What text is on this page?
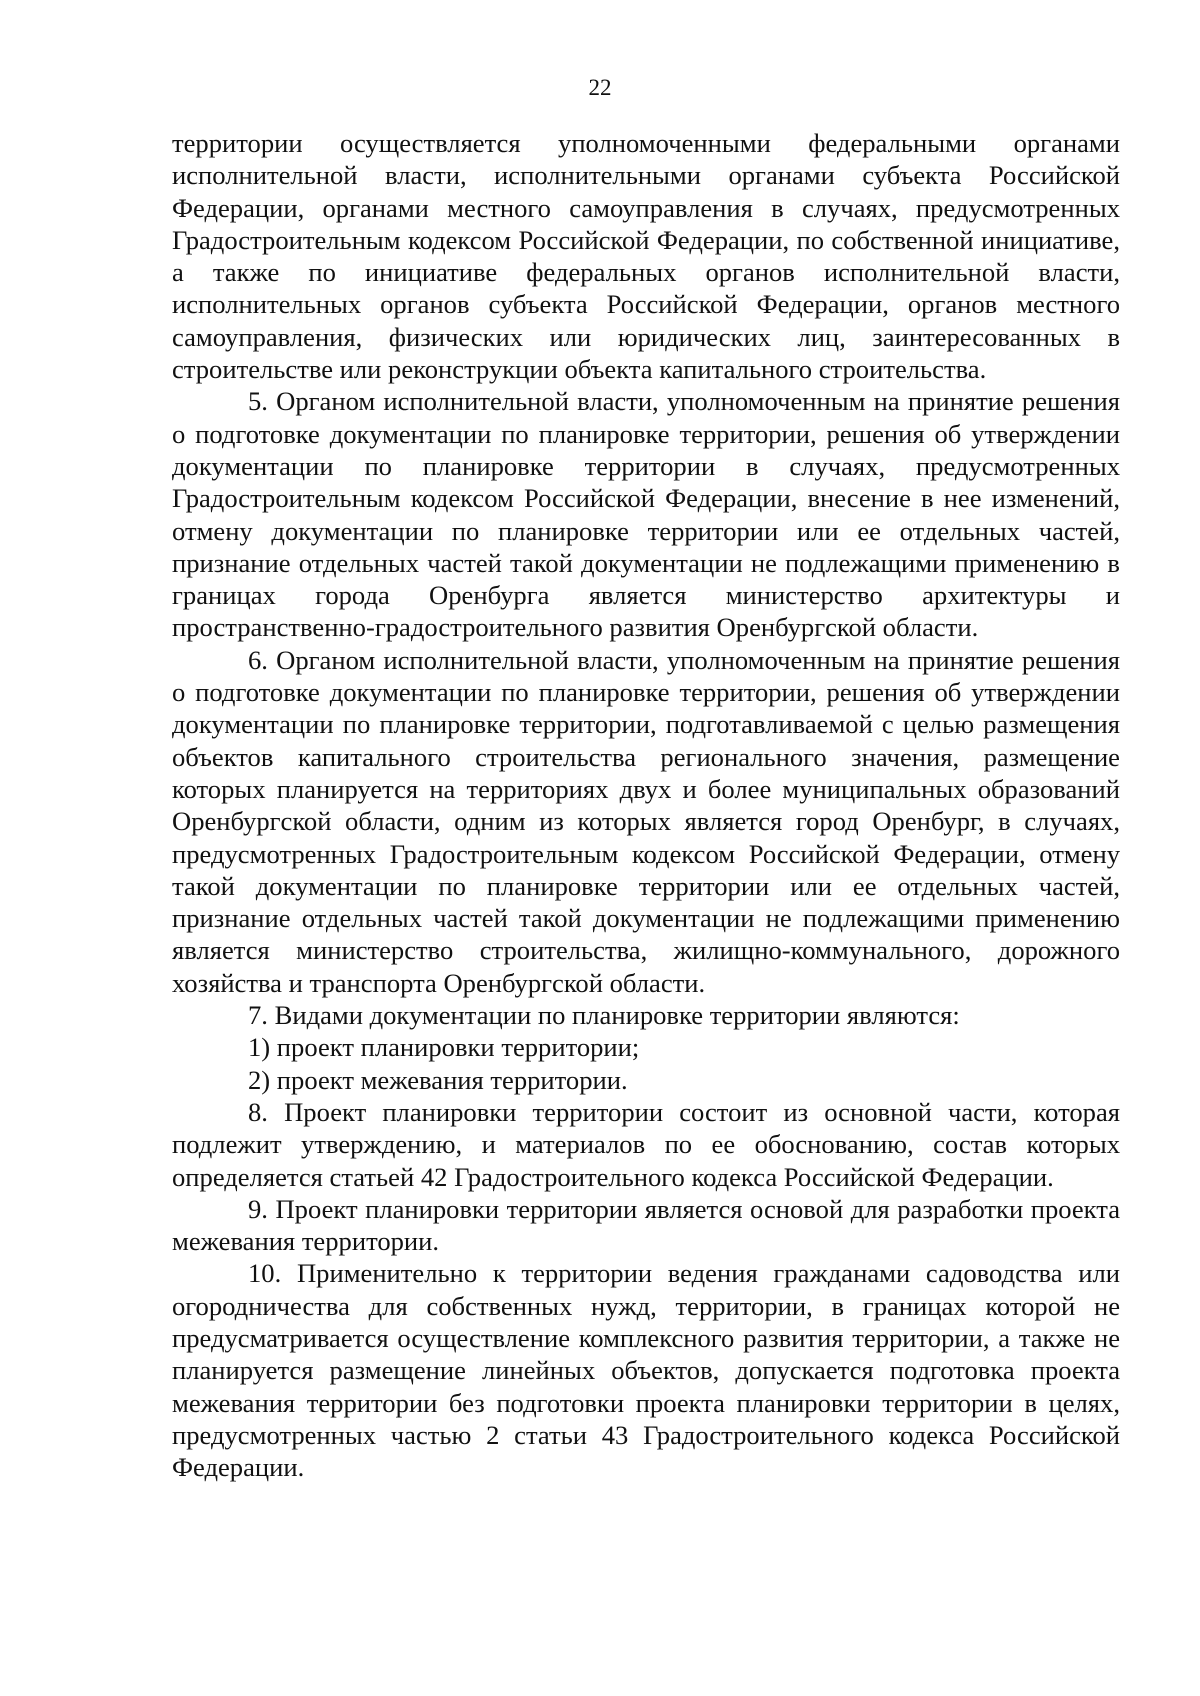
22

территории осуществляется уполномоченными федеральными органами исполнительной власти, исполнительными органами субъекта Российской Федерации, органами местного самоуправления в случаях, предусмотренных Градостроительным кодексом Российской Федерации, по собственной инициативе, а также по инициативе федеральных органов исполнительной власти, исполнительных органов субъекта Российской Федерации, органов местного самоуправления, физических или юридических лиц, заинтересованных в строительстве или реконструкции объекта капитального строительства.

5. Органом исполнительной власти, уполномоченным на принятие решения о подготовке документации по планировке территории, решения об утверждении документации по планировке территории в случаях, предусмотренных Градостроительным кодексом Российской Федерации, внесение в нее изменений, отмену документации по планировке территории или ее отдельных частей, признание отдельных частей такой документации не подлежащими применению в границах города Оренбурга является министерство архитектуры и пространственно-градостроительного развития Оренбургской области.

6. Органом исполнительной власти, уполномоченным на принятие решения о подготовке документации по планировке территории, решения об утверждении документации по планировке территории, подготавливаемой с целью размещения объектов капитального строительства регионального значения, размещение которых планируется на территориях двух и более муниципальных образований Оренбургской области, одним из которых является город Оренбург, в случаях, предусмотренных Градостроительным кодексом Российской Федерации, отмену такой документации по планировке территории или ее отдельных частей, признание отдельных частей такой документации не подлежащими применению является министерство строительства, жилищно-коммунального, дорожного хозяйства и транспорта Оренбургской области.

7. Видами документации по планировке территории являются:

1) проект планировки территории;

2) проект межевания территории.

8. Проект планировки территории состоит из основной части, которая подлежит утверждению, и материалов по ее обоснованию, состав которых определяется статьей 42 Градостроительного кодекса Российской Федерации.

9. Проект планировки территории является основой для разработки проекта межевания территории.

10. Применительно к территории ведения гражданами садоводства или огородничества для собственных нужд, территории, в границах которой не предусматривается осуществление комплексного развития территории, а также не планируется размещение линейных объектов, допускается подготовка проекта межевания территории без подготовки проекта планировки территории в целях, предусмотренных частью 2 статьи 43 Градостроительного кодекса Российской Федерации.
